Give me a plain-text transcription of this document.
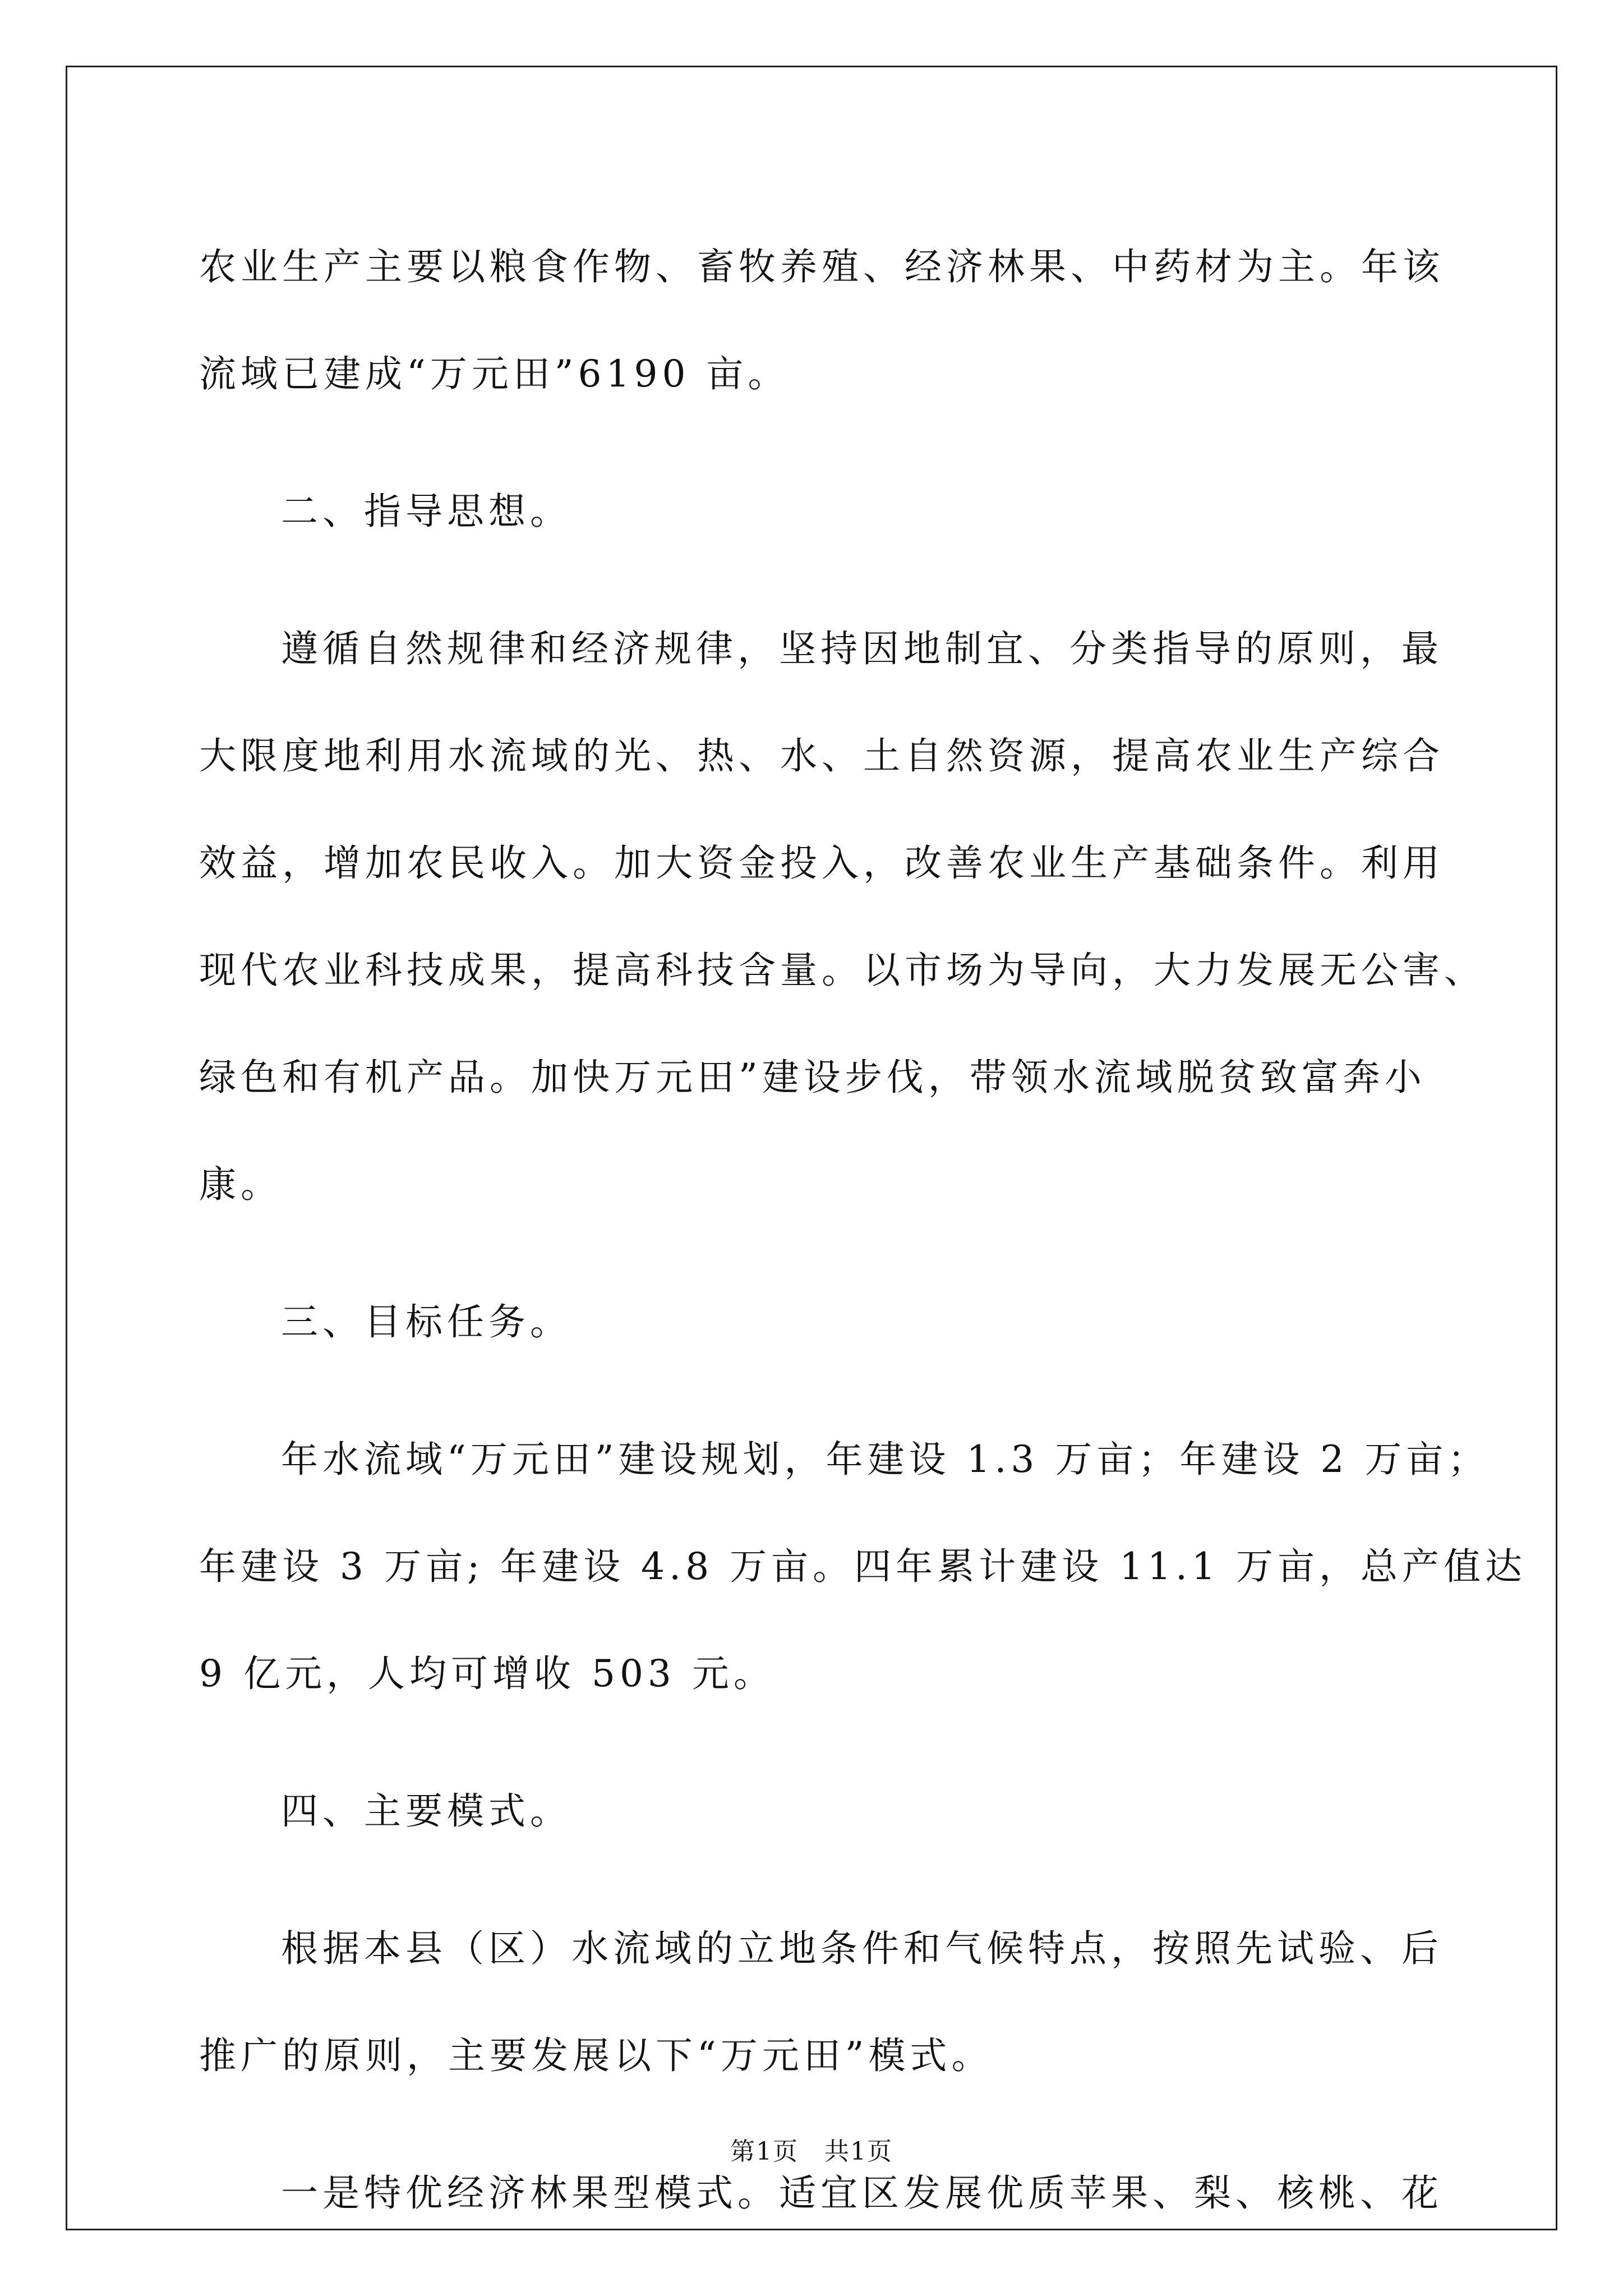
农业生产主要以粮食作物、畜牧养殖、经济林果、中药材为主。年该
流域已建成“万元田”6190 亩。

二、指导思想。

遵循自然规律和经济规律，坚持因地制宜、分类指导的原则，最
大限度地利用水流域的光、热、水、土自然资源，提高农业生产综合
效益，增加农民收入。加大资金投入，改善农业生产基础条件。利用
现代农业科技成果，提高科技含量。以市场为导向，大力发展无公害、
绿色和有机产品。加快万元田”建设步伐，带领水流域脱贫致富奔小
康。

三、目标任务。

年水流域“万元田”建设规划，年建设 1.3 万亩；年建设 2 万亩；
年建设 3 万亩; 年建设 4.8 万亩。四年累计建设 11.1 万亩，总产值达
9 亿元，人均可增收 503 元。

四、主要模式。

根据本县（区）水流域的立地条件和气候特点，按照先试验、后
推广的原则，主要发展以下“万元田”模式。

一是特优经济林果型模式。适宜区发展优质苹果、梨、核桃、花

第1页　共1页
